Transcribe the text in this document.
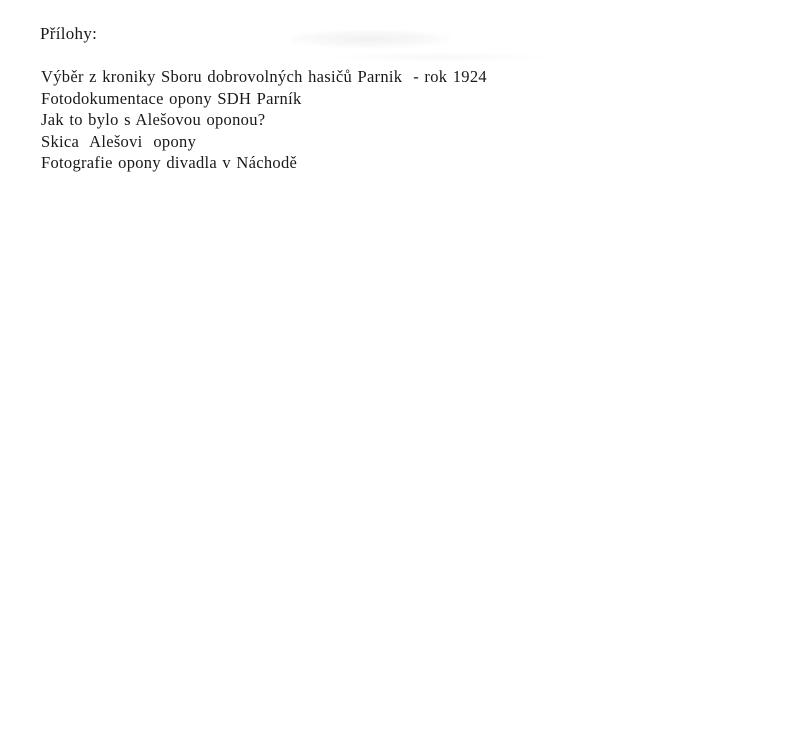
Přílohy:
Výběr z kroniky Sboru dobrovolných hasičů Parnik  - rok 1924
Fotodokumentace opony SDH Parník
Jak to bylo s Alešovou oponou?
Skica  Alešovi  opony
Fotografie opony divadla v Náchodě
